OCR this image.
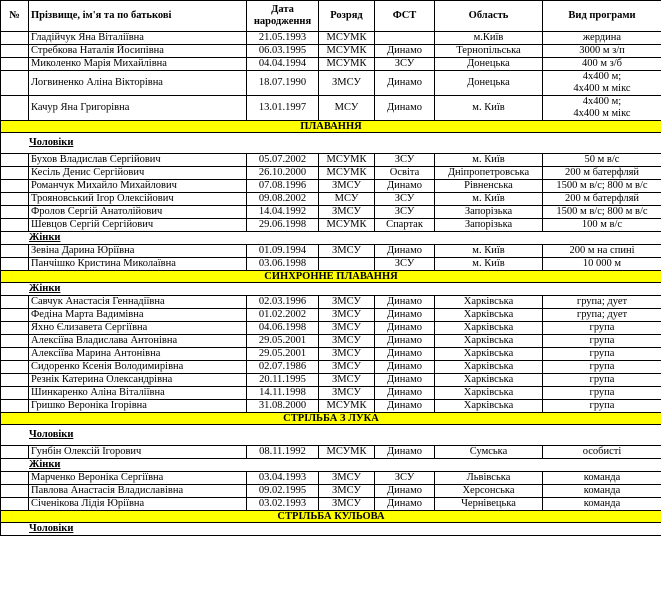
№	Прізвище, ім'я та по батькові	Дата народження	Розряд	ФСТ	Область	Вид програми
	Гладійчук Яна Віталіївна	21.05.1993	МСУМК		м.Київ	жердина
	Стребкова Наталія Йосипівна	06.03.1995	МСУМК	Динамо	Тернопільська	3000 м з/п
	Миколенко Марія Михайлівна	04.04.1994	МСУМК	ЗСУ	Донецька	400 м з/б
	Логвиненко Аліна Вікторівна	18.07.1990	ЗМСУ	Динамо	Донецька	4х400 м;
4х400 м мікс

	Качур Яна Григорівна	13.01.1997	МСУ	Динамо	м. Київ	4х400 м;
4х400 м мікс

ПЛАВАННЯ						
Чоловіки						
	Бухов Владислав Сергійович	05.07.2002	МСУМК	ЗСУ	м. Київ	50 м в/с
	Кесіль Денис Сергійович	26.10.2000	МСУМК	Освіта	Дніпропетровська	200 м батерфляй
	Романчук Михайло Михайлович	07.08.1996	ЗМСУ	Динамо	Рівненська	1500 м в/с; 800 м в/с
	Трояновський Ігор Олексійович	09.08.2002	МСУ	ЗСУ	м. Київ	200 м батерфляй
	Фролов Сергій Анатолійович	14.04.1992	ЗМСУ	ЗСУ	Запорізька	1500 м в/с; 800 м в/с
	Шевцов Сергій Сергійович	29.06.1998	МСУМК	Спартак	Запорізька	100 м в/с
Жінки						
	Зевіна Дарина Юріївна	01.09.1994	ЗМСУ	Динамо	м. Київ	200 м на спині
	Панчішко Кристина Миколаївна	03.06.1998		ЗСУ	м. Київ	10 000 м
СИНХРОННЕ ПЛАВАННЯ						
Жінки						
	Савчук Анастасія Геннадіївна	02.03.1996	ЗМСУ	Динамо	Харківська	група; дует
	Федіна Марта Вадимівна	01.02.2002	ЗМСУ	Динамо	Харківська	група; дует
	Яхно Єлизавета Сергіївна	04.06.1998	ЗМСУ	Динамо	Харківська	група
	Алексіїва Владислава Антонівна	29.05.2001	ЗМСУ	Динамо	Харківська	група
	Алексіїва Марина Антонівна	29.05.2001	ЗМСУ	Динамо	Харківська	група
	Сидоренко Ксенія Володимирівна	02.07.1986	ЗМСУ	Динамо	Харківська	група
	Резнік Катерина Олександрівна	20.11.1995	ЗМСУ	Динамо	Харківська	група
	Шинкаренко Аліна Віталіївна	14.11.1998	ЗМСУ	Динамо	Харківська	група
	Гришко Вероніка Ігорівна	31.08.2000	МСУМК	Динамо	Харківська	група
СТРІЛЬБА З ЛУКА						
Чоловіки						
	Гунбін Олексій Ігорович	08.11.1992	МСУМК	Динамо	Сумська	особисті
Жінки						
	Марченко Вероніка Сергіївна	03.04.1993	ЗМСУ	ЗСУ	Львівська	команда
	Павлова Анастасія Владиславівна	09.02.1995	ЗМСУ	Динамо	Херсонська	команда
	Січенікова Лідія Юріївна	03.02.1993	ЗМСУ	Динамо	Чернівецька	команда
СТРІЛЬБА КУЛЬОВА						
Чоловіки						
